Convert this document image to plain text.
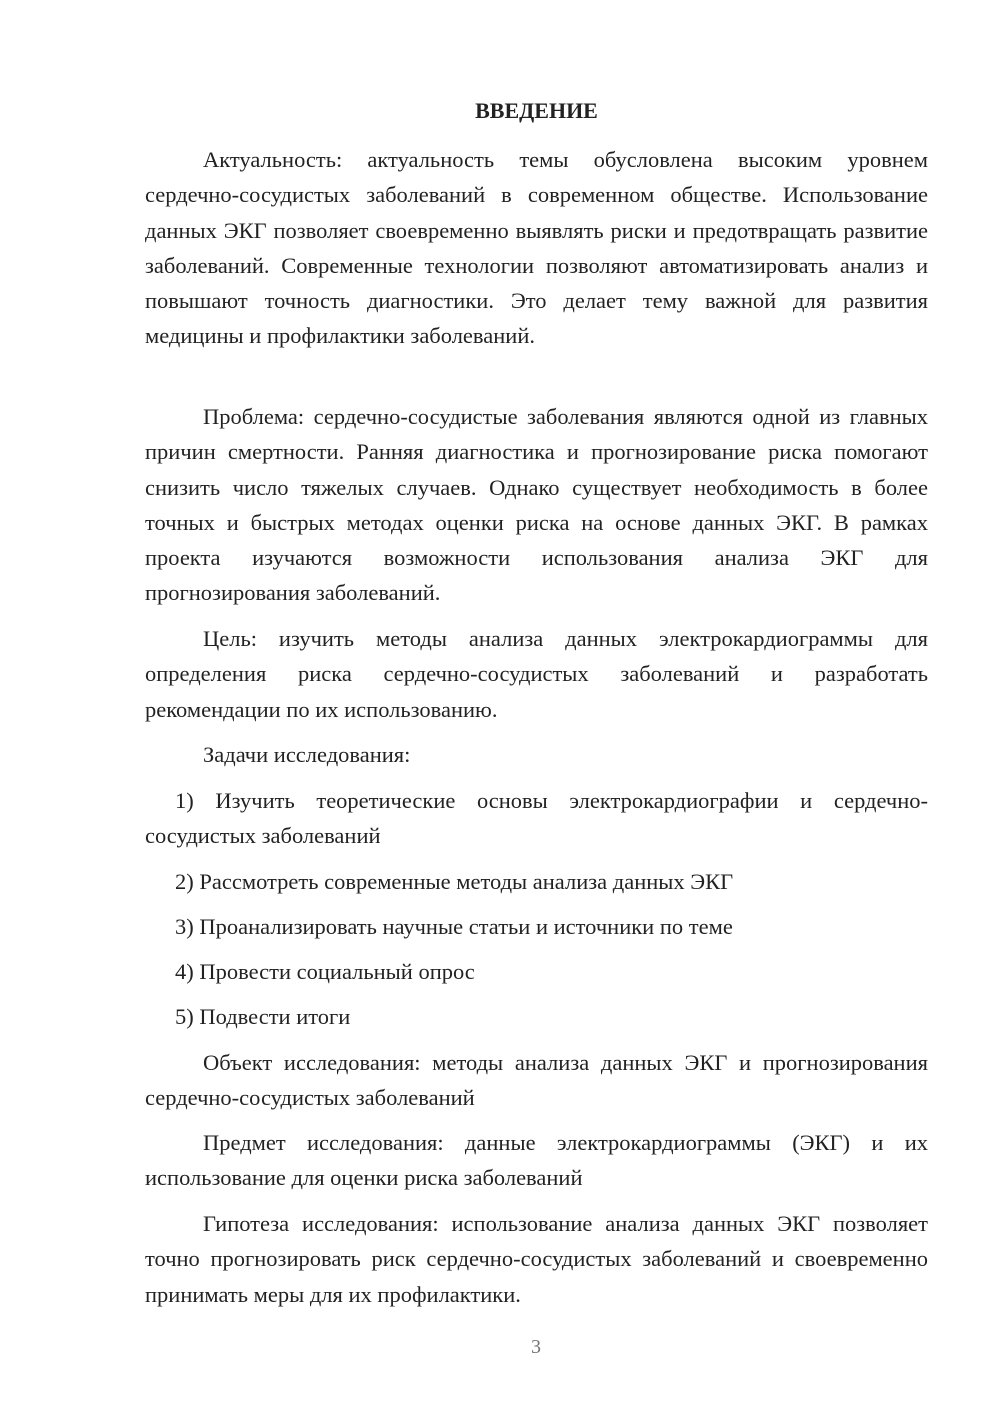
ВВЕДЕНИЕ

Актуальность: актуальность темы обусловлена высоким уровнем сердечно-сосудистых заболеваний в современном обществе. Использование данных ЭКГ позволяет своевременно выявлять риски и предотвращать развитие заболеваний. Современные технологии позволяют автоматизировать анализ и повышают точность диагностики. Это делает тему важной для развития медицины и профилактики заболеваний.

Проблема: сердечно-сосудистые заболевания являются одной из главных причин смертности. Ранняя диагностика и прогнозирование риска помогают снизить число тяжелых случаев. Однако существует необходимость в более точных и быстрых методах оценки риска на основе данных ЭКГ. В рамках проекта изучаются возможности использования анализа ЭКГ для прогнозирования заболеваний.

Цель: изучить методы анализа данных электрокардиограммы для определения риска сердечно-сосудистых заболеваний и разработать рекомендации по их использованию.

Задачи исследования:

1) Изучить теоретические основы электрокардиографии и сердечно-сосудистых заболеваний

2) Рассмотреть современные методы анализа данных ЭКГ

3) Проанализировать научные статьи и источники по теме

4) Провести социальный опрос

5) Подвести итоги

Объект исследования: методы анализа данных ЭКГ и прогнозирования сердечно-сосудистых заболеваний

Предмет исследования: данные электрокардиограммы (ЭКГ) и их использование для оценки риска заболеваний

Гипотеза исследования: использование анализа данных ЭКГ позволяет точно прогнозировать риск сердечно-сосудистых заболеваний и своевременно принимать меры для их профилактики.

3
